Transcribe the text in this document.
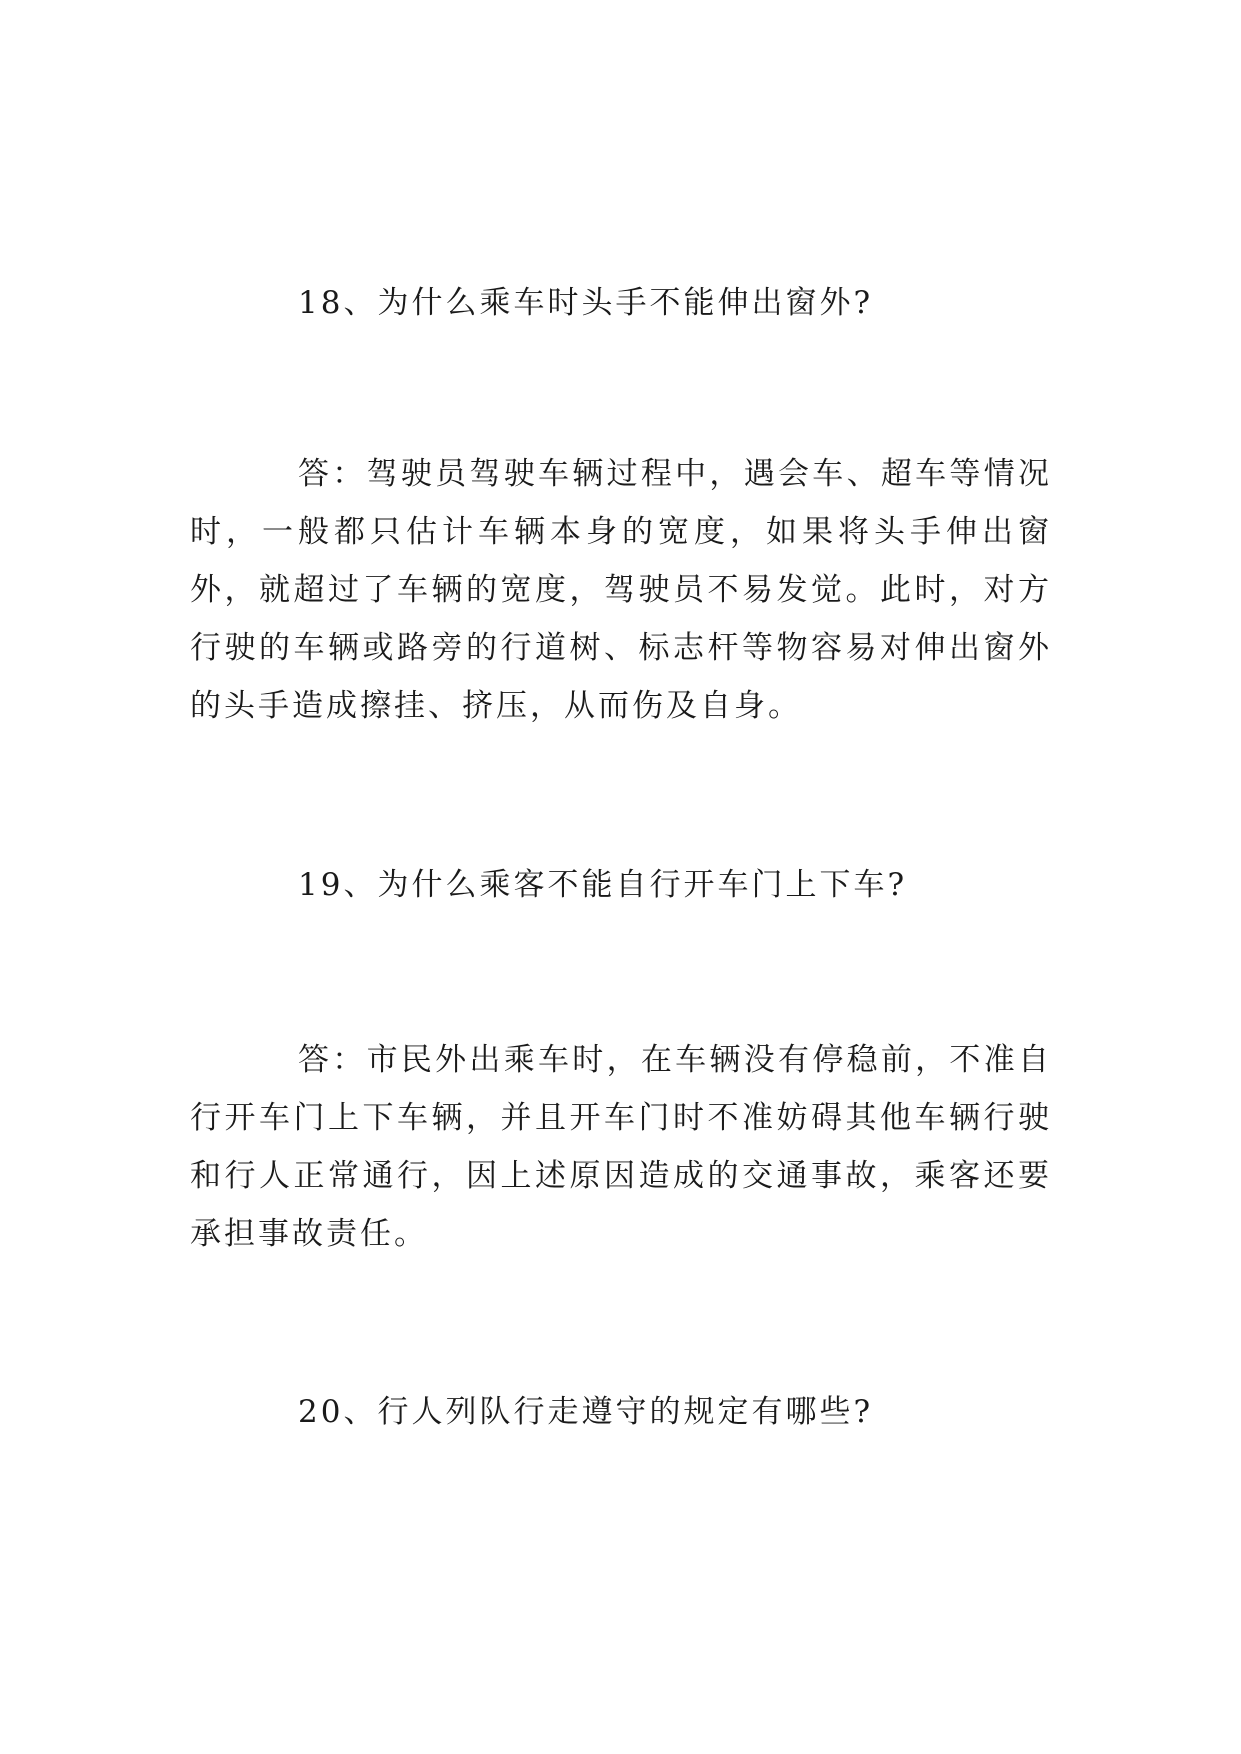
18、为什么乘车时头手不能伸出窗外?

答：驾驶员驾驶车辆过程中，遇会车、超车等情况时，一般都只估计车辆本身的宽度，如果将头手伸出窗外，就超过了车辆的宽度，驾驶员不易发觉。此时，对方行驶的车辆或路旁的行道树、标志杆等物容易对伸出窗外的头手造成擦挂、挤压，从而伤及自身。

19、为什么乘客不能自行开车门上下车?

答：市民外出乘车时，在车辆没有停稳前，不准自行开车门上下车辆，并且开车门时不准妨碍其他车辆行驶和行人正常通行，因上述原因造成的交通事故，乘客还要承担事故责任。

20、行人列队行走遵守的规定有哪些?
